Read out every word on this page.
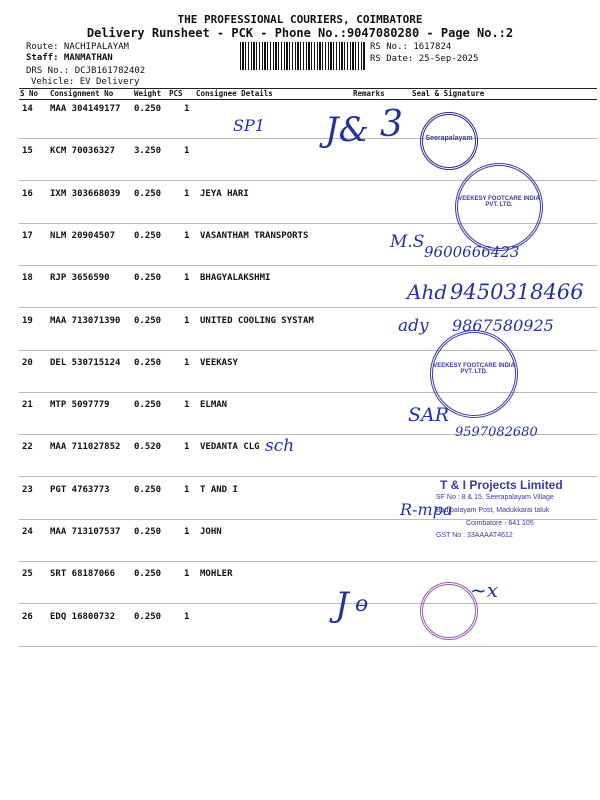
THE PROFESSIONAL COURIERS, COIMBATORE
Delivery Runsheet - PCK - Phone No.:9047080280 - Page No.:2
Route: NACHIPALAYAM
Staff: MANMATHAN
DRS No.: DCJB161782402
Vehicle: EV Delivery
RS No.: 1617824
RS Date: 25-Sep-2025
S No Consignment No	Weight PCS Consignee Details	Remarks	Seal & Signature
14 MAA 304149177 0.250	1
15 KCM 70036327 3.250	1
16 IXM 303668039 0.250	1 JEYA HARI
17 NLM 20904507 0.250	1 VASANTHAM TRANSPORTS
18 RJP 3656590	0.250	1 BHAGYALAKSHMI
19 MAA 713071390 0.250	1 UNITED COOLING SYSTAM
20 DEL 530715124 0.250	1 VEEKASY
21 MTP 5097779	0.250	1 ELMAN
22 MAA 711027852 0.520	1 VEDANTA CLG
23 PGT 4763773	0.250	1 T AND I
24 MAA 713107537 0.250	1 JOHN
25 SRT 68187066 0.250	1 MOHLER
26 EDQ 16800732 0.250	1
SP1 J& 3
M.S 9600666423
Ahd 9450318466
ady 9867580925
SAR
9597082680
sch
R-mpa
J ɵ
~x
Seerapalayam
VEEKESY FOOTCARE INDIA PVT. LTD.
VEEKESY FOOTCARE INDIA PVT. LTD.
T & I Projects Limited
SF No : 8 & 15, Seerapalayam Village
Bodipalayam Post, Madukkarai taluk
Coimbatore - 641 105
GST No : 33AAAAT4612
